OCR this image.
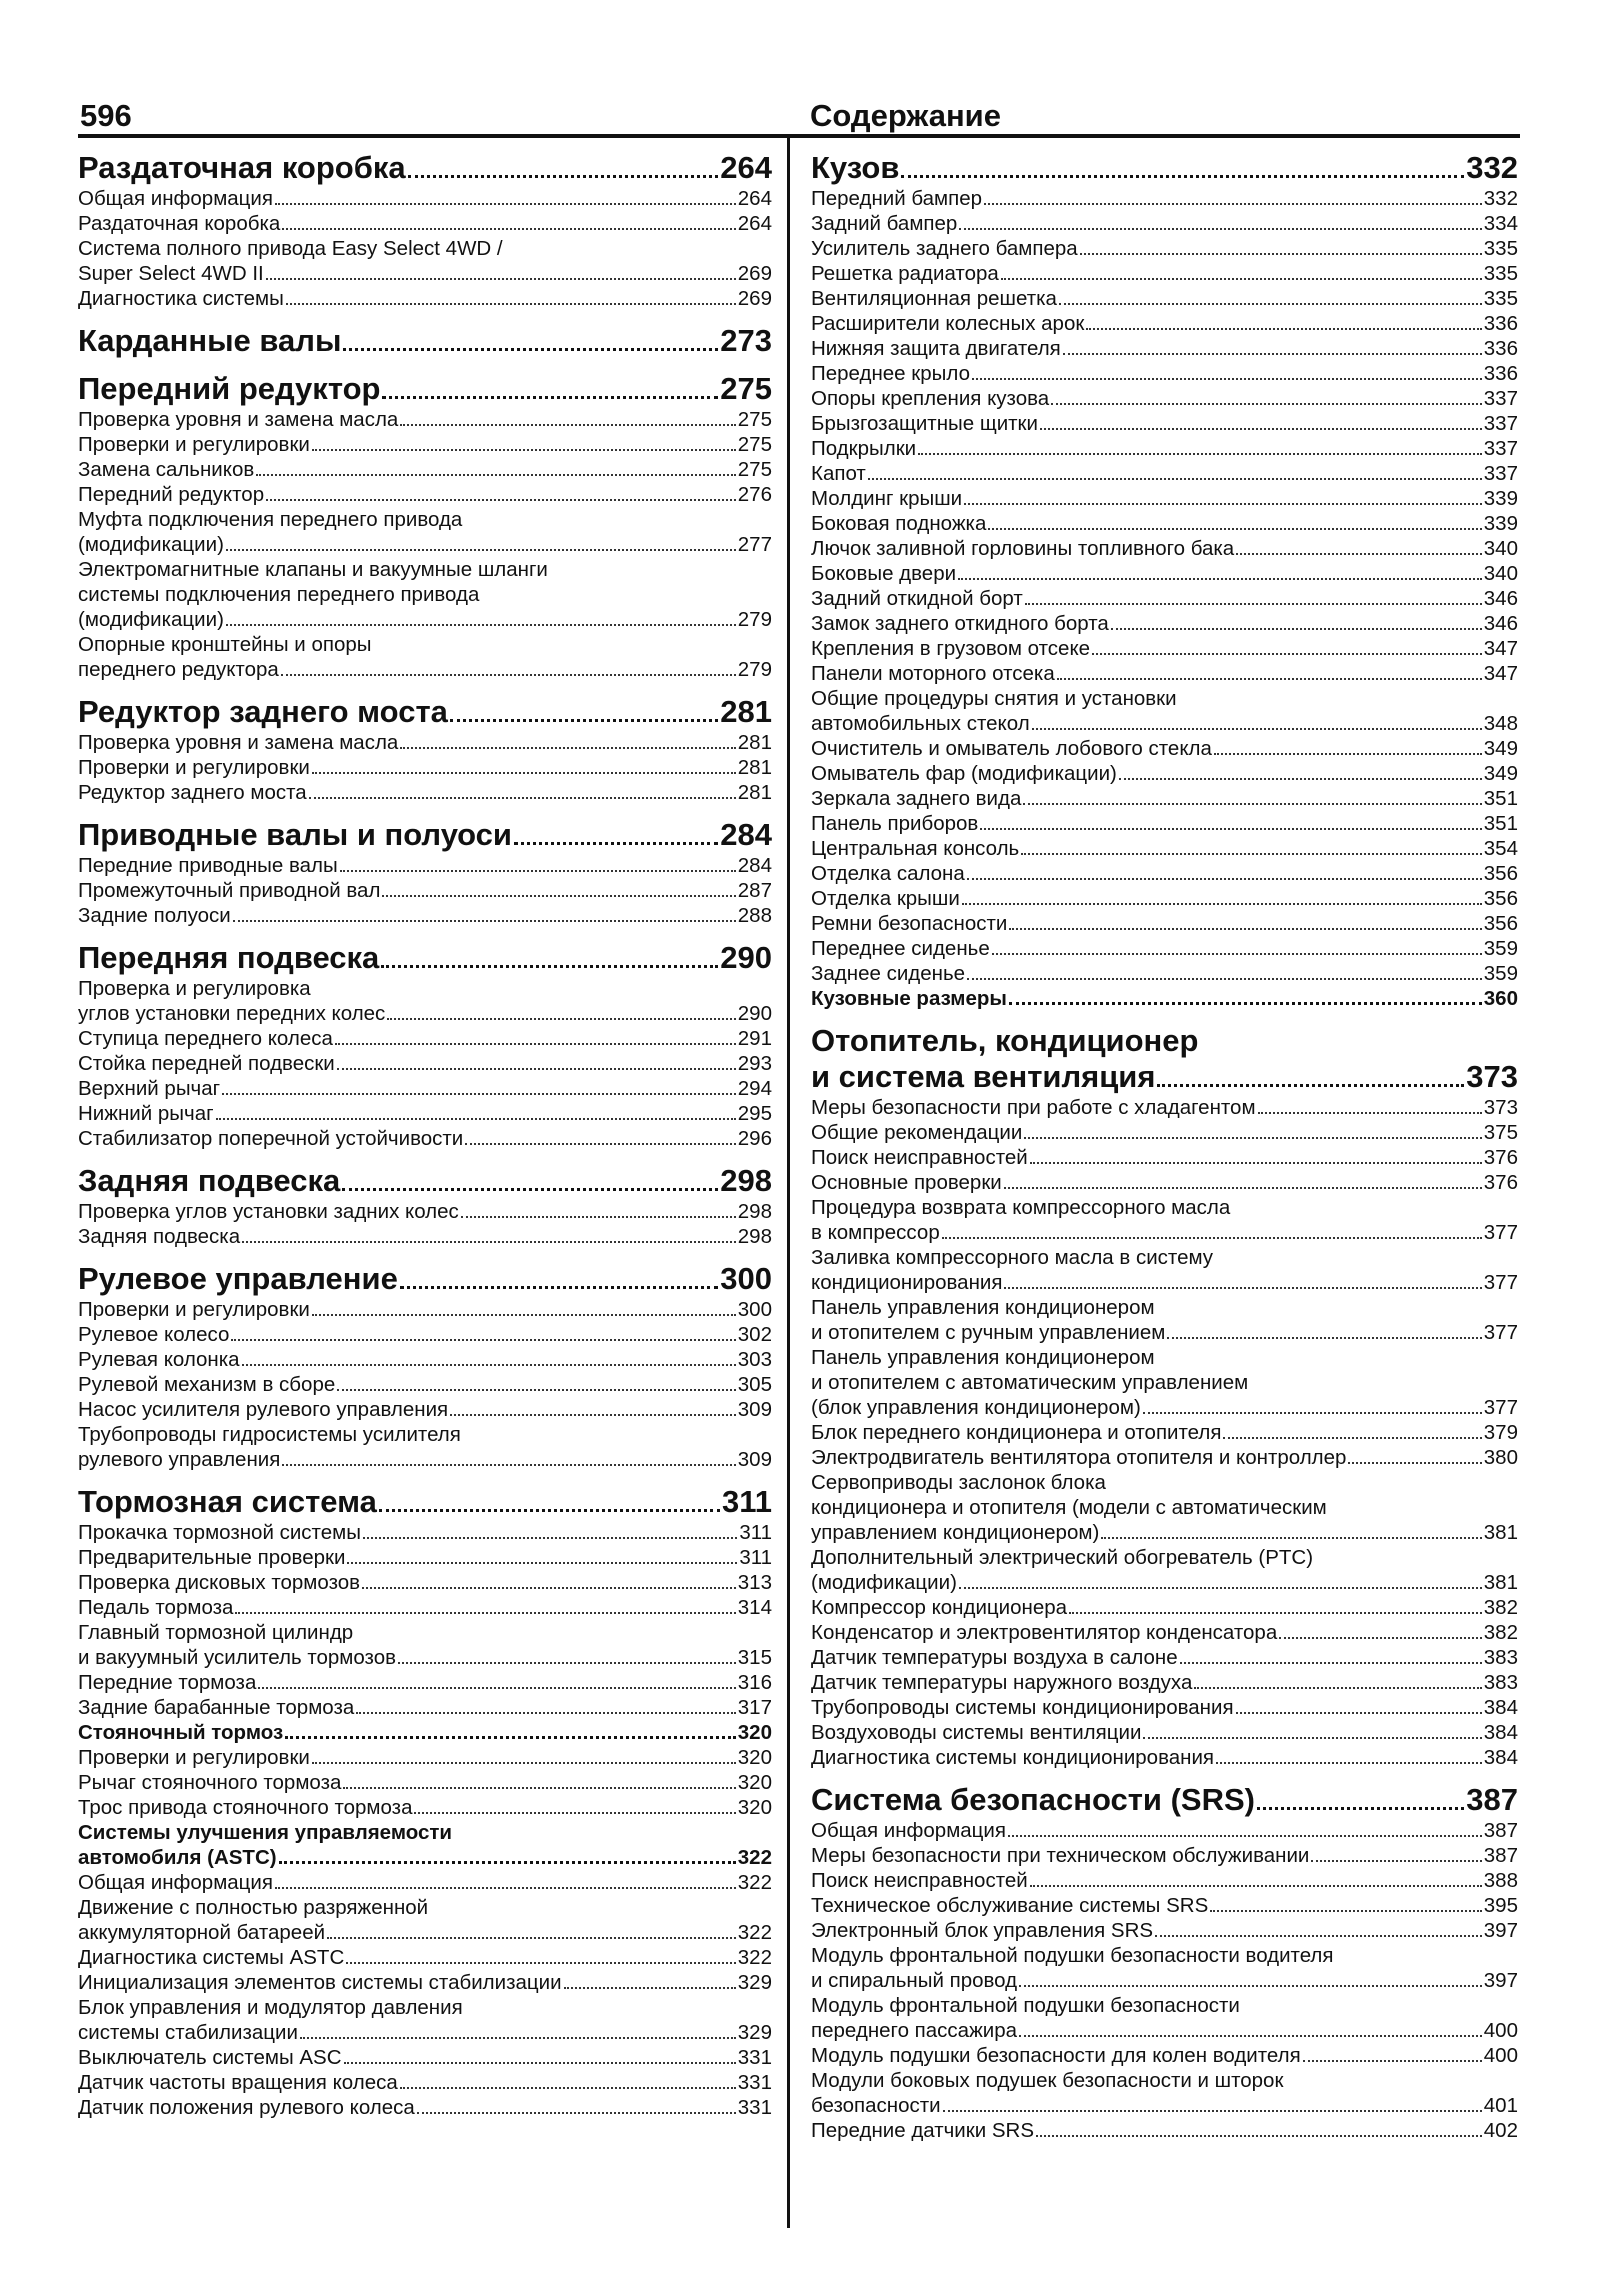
596	Содержание
Раздаточная коробка	264
Общая информация	264
Раздаточная коробка	264
Система полного привода Easy Select 4WD /
Super Select 4WD II	269
Диагностика системы	269
Карданные валы	273
Передний редуктор	275
Проверка уровня и замена масла	275
Проверки и регулировки	275
Замена сальников	275
Передний редуктор	276
Муфта подключения переднего привода
(модификации)	277
Электромагнитные клапаны и вакуумные шланги
системы подключения переднего привода
(модификации)	279
Опорные кронштейны и опоры
переднего редуктора	279
Редуктор заднего моста	281
Проверка уровня и замена масла	281
Проверки и регулировки	281
Редуктор заднего моста	281
Приводные валы и полуоси	284
Передние приводные валы	284
Промежуточный приводной вал	287
Задние полуоси	288
Передняя подвеска	290
Проверка и регулировка
углов установки передних колес	290
Ступица переднего колеса	291
Стойка передней подвески	293
Верхний рычаг	294
Нижний рычаг	295
Стабилизатор поперечной устойчивости	296
Задняя подвеска	298
Проверка углов установки задних колес	298
Задняя подвеска	298
Рулевое управление	300
Проверки и регулировки	300
Рулевое колесо	302
Рулевая колонка	303
Рулевой механизм в сборе	305
Насос усилителя рулевого управления	309
Трубопроводы гидросистемы усилителя
рулевого управления	309
Тормозная система	311
Прокачка тормозной системы	311
Предварительные проверки	311
Проверка дисковых тормозов	313
Педаль тормоза	314
Главный тормозной цилиндр
и вакуумный усилитель тормозов	315
Передние тормоза	316
Задние барабанные тормоза	317
Стояночный тормоз	320
Проверки и регулировки	320
Рычаг стояночного тормоза	320
Трос привода стояночного тормоза	320
Системы улучшения управляемости
автомобиля (ASTC)	322
Общая информация	322
Движение с полностью разряженной
аккумуляторной батареей	322
Диагностика системы ASTC	322
Инициализация элементов системы стабилизации	329
Блок управления и модулятор давления
системы стабилизации	329
Выключатель системы ASC	331
Датчик частоты вращения колеса	331
Датчик положения рулевого колеса	331
Кузов	332
Передний бампер	332
Задний бампер	334
Усилитель заднего бампера	335
Решетка радиатора	335
Вентиляционная решетка	335
Расширители колесных арок	336
Нижняя защита двигателя	336
Переднее крыло	336
Опоры крепления кузова	337
Брызгозащитные щитки	337
Подкрылки	337
Капот	337
Молдинг крыши	339
Боковая подножка	339
Лючок заливной горловины топливного бака	340
Боковые двери	340
Задний откидной борт	346
Замок заднего откидного борта	346
Крепления в грузовом отсеке	347
Панели моторного отсека	347
Общие процедуры снятия и установки
автомобильных стекол	348
Очиститель и омыватель лобового стекла	349
Омыватель фар (модификации)	349
Зеркала заднего вида	351
Панель приборов	351
Центральная консоль	354
Отделка салона	356
Отделка крыши	356
Ремни безопасности	356
Переднее сиденье	359
Заднее сиденье	359
Кузовные размеры	360
Отопитель, кондиционер
и система вентиляция	373
Меры безопасности при работе с хладагентом	373
Общие рекомендации	375
Поиск неисправностей	376
Основные проверки	376
Процедура возврата компрессорного масла
в компрессор	377
Заливка компрессорного масла в систему
кондиционирования	377
Панель управления кондиционером
и отопителем с ручным управлением	377
Панель управления кондиционером
и отопителем с автоматическим управлением
(блок управления кондиционером)	377
Блок переднего кондиционера и отопителя	379
Электродвигатель вентилятора отопителя и контроллер	380
Сервоприводы заслонок блока
кондиционера и отопителя (модели с автоматическим
управлением кондиционером)	381
Дополнительный электрический обогреватель (PTC)
(модификации)	381
Компрессор кондиционера	382
Конденсатор и электровентилятор конденсатора	382
Датчик температуры воздуха в салоне	383
Датчик температуры наружного воздуха	383
Трубопроводы системы кондиционирования	384
Воздуховоды системы вентиляции	384
Диагностика системы кондиционирования	384
Система безопасности (SRS)	387
Общая информация	387
Меры безопасности при техническом обслуживании	387
Поиск неисправностей	388
Техническое обслуживание системы SRS	395
Электронный блок управления SRS	397
Модуль фронтальной подушки безопасности водителя
и спиральный провод	397
Модуль фронтальной подушки безопасности
переднего пассажира	400
Модуль подушки безопасности для колен водителя	400
Модули боковых подушек безопасности и шторок
безопасности	401
Передние датчики SRS	402
